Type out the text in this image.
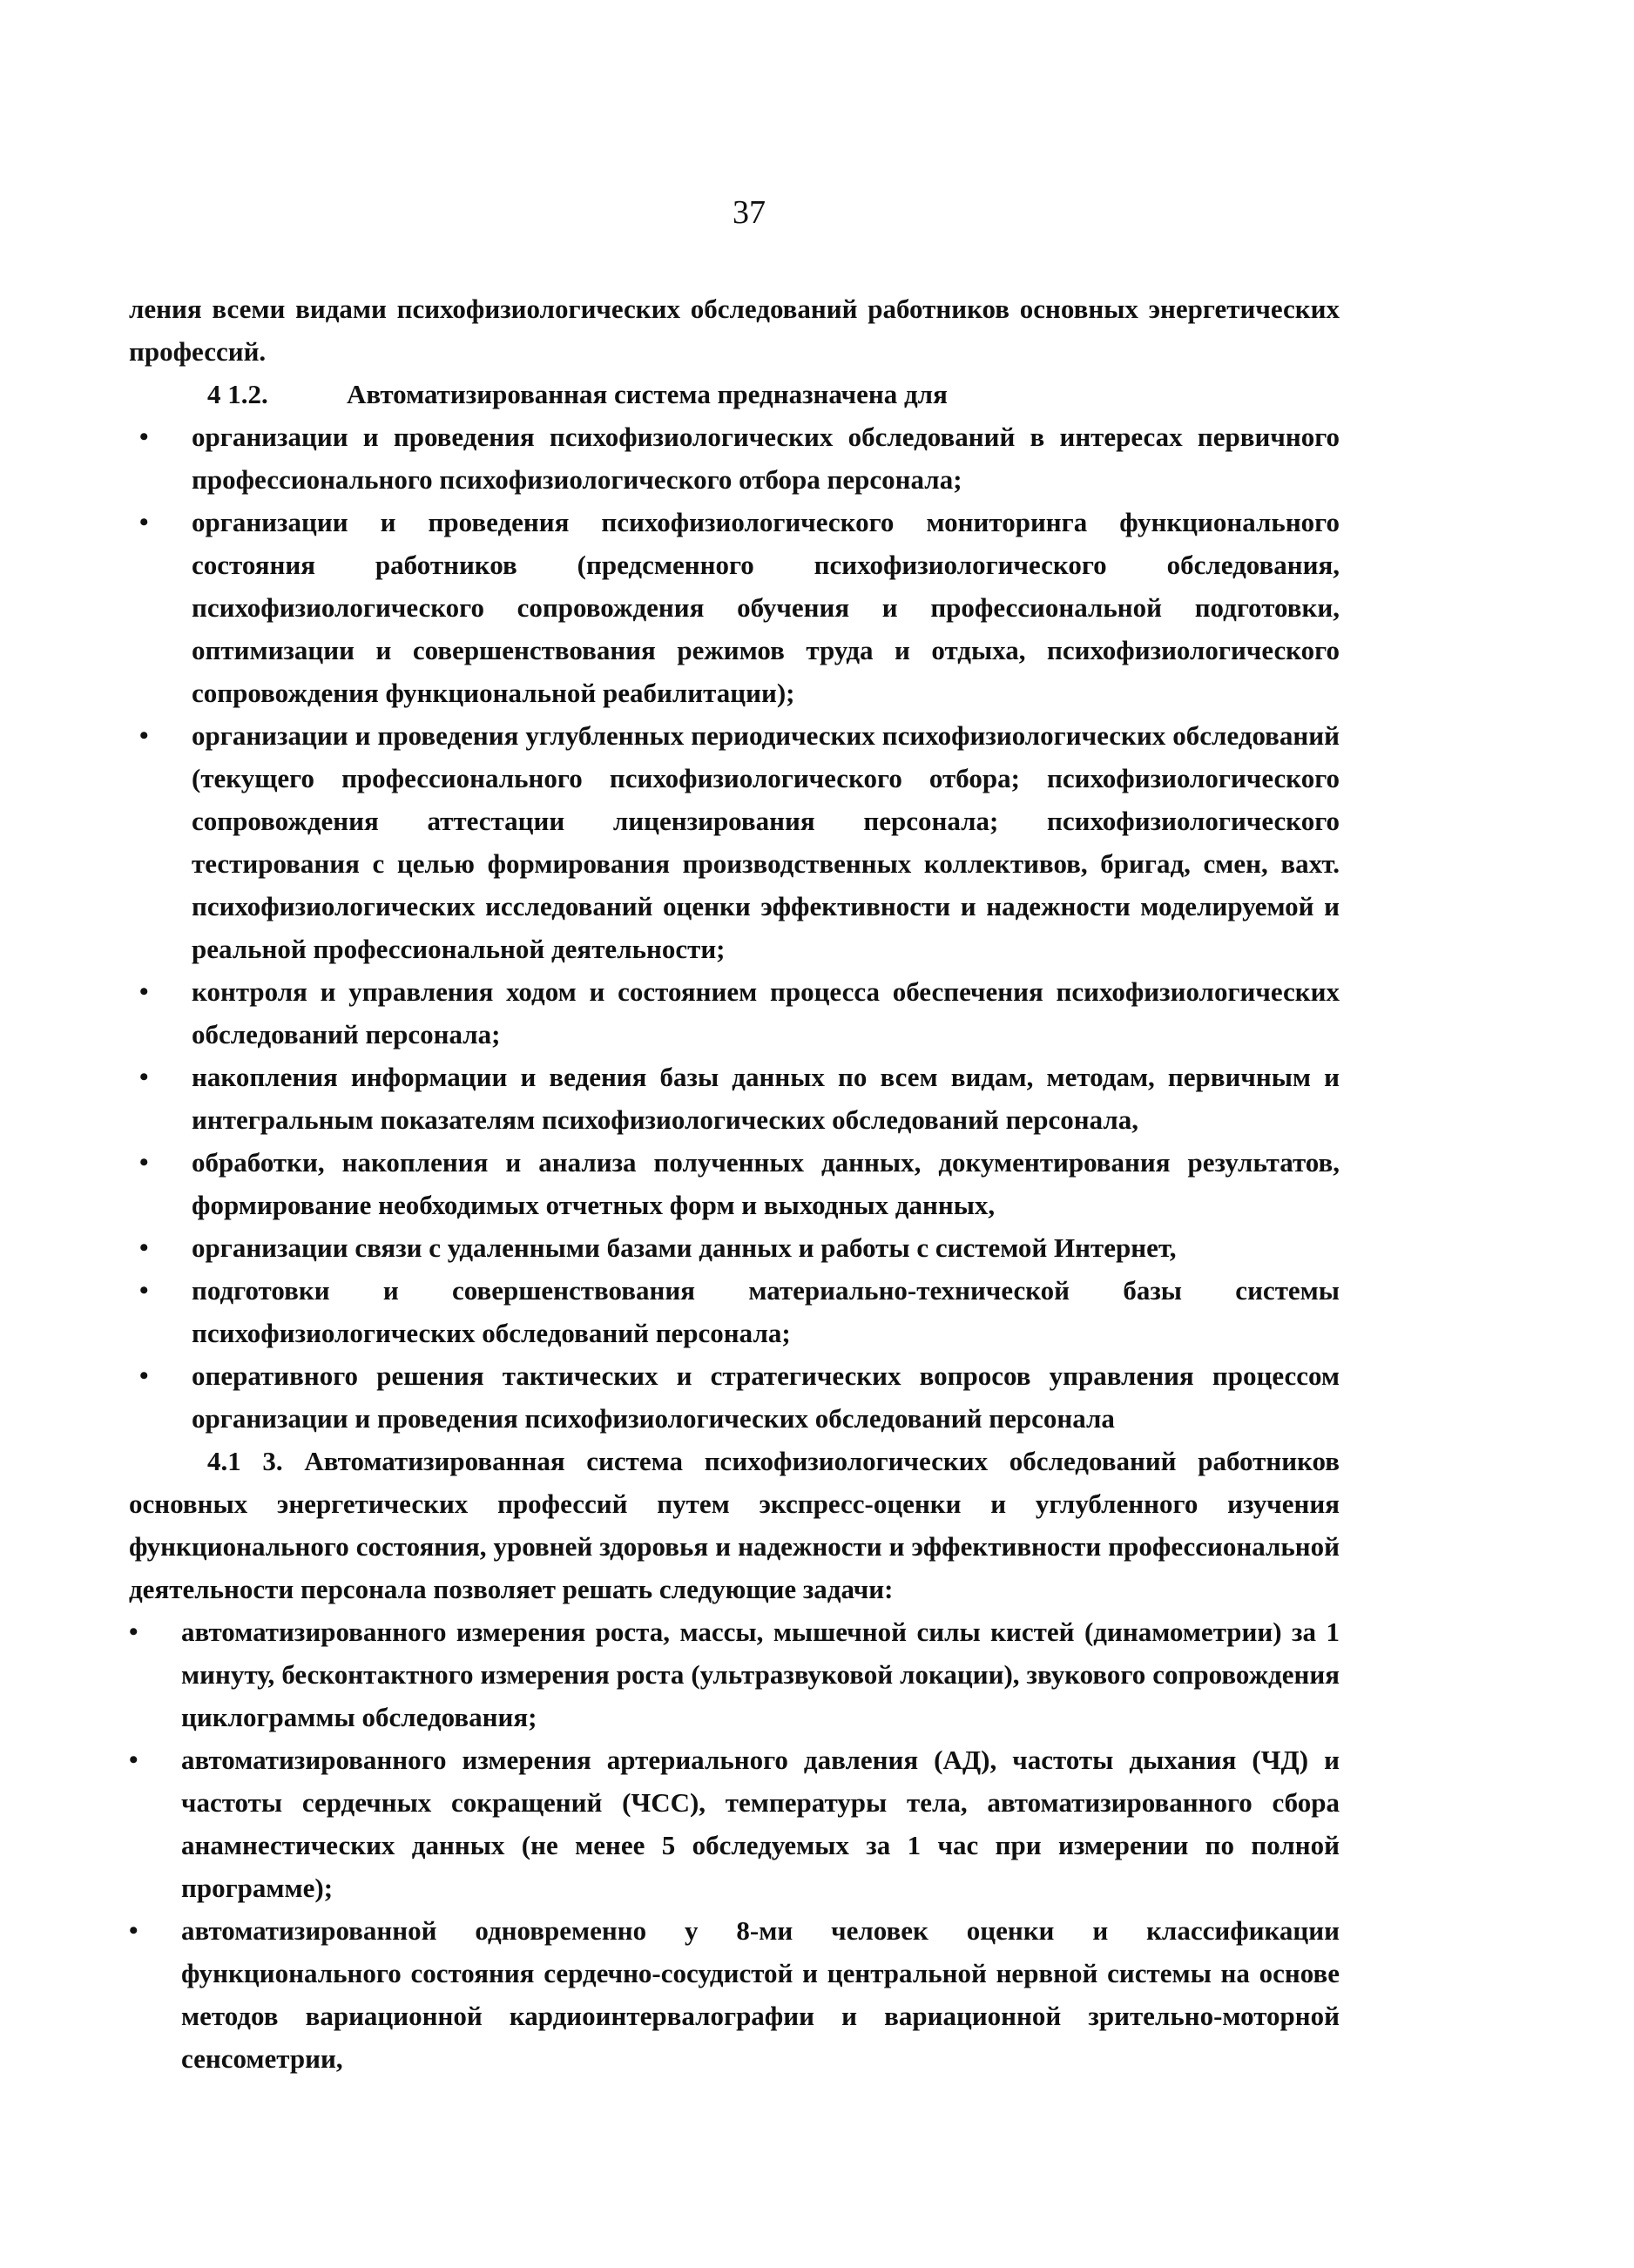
37

ления всеми видами психофизиологических обследований работников основных энергетических профессий.

4 1.2.	Автоматизированная система предназначена для

• организации и проведения психофизиологических обследований в интересах первичного профессионального психофизиологического отбора персонала;
• организации и проведения психофизиологического мониторинга функционального состояния работников (предсменного психофизиологического обследования, психофизиологического сопровождения обучения и профессиональной подготовки, оптимизации и совершенствования режимов труда и отдыха, психофизиологического сопровождения функциональной реабилитации);
• организации и проведения углубленных периодических психофизиологических обследований (текущего профессионального психофизиологического отбора; психофизиологического сопровождения аттестации лицензирования персонала; психофизиологического тестирования с целью формирования производственных коллективов, бригад, смен, вахт. психофизиологических исследований оценки эффективности и надежности моделируемой и реальной профессиональной деятельности;
• контроля и управления ходом и состоянием процесса обеспечения психофизиологических обследований персонала;
• накопления информации и ведения базы данных по всем видам, методам, первичным и интегральным показателям психофизиологических обследований персонала,
• обработки, накопления и анализа полученных данных, документирования результатов, формирование необходимых отчетных форм и выходных данных,
• организации связи с удаленными базами данных и работы с системой Интернет,
• подготовки и совершенствования материально-технической базы системы психофизиологических обследований персонала;
• оперативного решения тактических и стратегических вопросов управления процессом организации и проведения психофизиологических обследований персонала

4.1 3. Автоматизированная система психофизиологических обследований работников основных энергетических профессий путем экспресс-оценки и углубленного изучения функционального состояния, уровней здоровья и надежности и эффективности профессиональной деятельности персонала позволяет решать следующие задачи:

• автоматизированного измерения роста, массы, мышечной силы кистей (динамометрии) за 1 минуту, бесконтактного измерения роста (ультразвуковой локации), звукового сопровождения циклограммы обследования;
• автоматизированного измерения артериального давления (АД), частоты дыхания (ЧД) и частоты сердечных сокращений (ЧСС), температуры тела, автоматизированного сбора анамнестических данных (не менее 5 обследуемых за 1 час при измерении по полной программе);
• автоматизированной одновременно у 8-ми человек оценки и классификации функционального состояния сердечно-сосудистой и центральной нервной системы на основе методов вариационной кардиоинтервалографии и вариационной зрительно-моторной сенсометрии,
